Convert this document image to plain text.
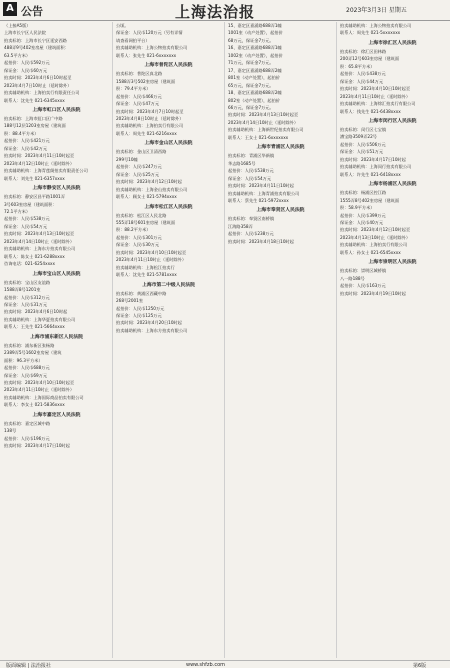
A 6 公告	上海法治报	2023年3月3日 星期五
（上接A5版）
上海市长宁区人民法院
拍卖标的：上海市长宁区延安西路
488弄9号402室房屋（建筑面积：
63.5平方米）
起拍价：人民币592万元
保证金：人民币60万元
拍卖时间：2023年4月6日10时起至
2023年4月7日10时止（延时除外）
拍卖辅助机构：上海拍卖行有限责任公司
联系人：沈先生 021-6345xxxx
上海市虹口区人民法院
拍卖标的：上海市虹口区广中路
188号12层1203室房屋（建筑面
积：88.4平方米）
起拍价：人民币421万元
保证金：人民币42万元
拍卖时间：2023年4月11日10时起至
2023年4月12日10时止（延时除外）
拍卖辅助机构：上海青莲阁拍卖有限责任公司
联系人：刘先生 021-6357xxxx
上海市静安区人民法院
拍卖标的：静安区昌平路1001弄
3号603室房屋（建筑面积：
72.1平方米）
起拍价：人民币538万元
保证金：人民币54万元
拍卖时间：2023年4月13日10时起至
2023年4月14日10时止（延时除外）
拍卖辅助机构：上海东方拍卖有限公司
联系人：陈女士 021-6288xxxx
咨询电话：021-6254xxxx
上海市宝山区人民法院
拍卖标的：宝山区友谊路
1588弄8号1201室
起拍价：人民币312万元
保证金：人民币31万元
拍卖时间：2023年4月6日10时起
拍卖辅助机构：上海华夏拍卖有限公司
联系人：王先生 021-5664xxxx
上海市浦东新区人民法院
拍卖标的：浦东新区张杨路
2389弄5号1602室房屋（建筑
面积：96.3平方米）
起拍价：人民币688万元
保证金：人民币69万元
拍卖时间：2023年4月10日10时起至
2023年4月11日10时止（延时除外）
拍卖辅助机构：上海国际商品拍卖有限公司
联系人：李女士 021-5836xxxx
上海市嘉定区人民法院
拍卖标的：嘉定区城中路
138号
起拍价：人民币196万元
拍卖时间：2023年4月17日10时起
公顷。
保证金：人民币120万元（另有详情
请查看网拍平台）
拍卖辅助机构：上海公物拍卖有限公司
联系人：张先生 021-6xxxxxxx
上海市普陀区人民法院
拍卖标的：普陀区真北路
1588弄3号502室房屋（建筑面
积：79.4平方米）
起拍价：人民币466万元
保证金：人民币47万元
拍卖时间：2023年4月7日10时起至
2023年4月8日10时止（延时除外）
拍卖辅助机构：上海拍卖行有限公司
联系人：周先生 021-6216xxxx
上海市金山区人民法院
拍卖标的：金山区卫清西路
299号10幢
起拍价：人民币247万元
保证金：人民币25万元
拍卖时间：2023年4月12日10时起
拍卖辅助机构：上海金山拍卖有限公司
联系人：顾女士 021-5794xxxx
上海市松江区人民法院
拍卖标的：松江区人民北路
555弄18号601室房屋（建筑面
积：88.2平方米）
起拍价：人民币301万元
保证金：人民币30万元
拍卖时间：2023年4月10日10时起至
2023年4月11日10时止（延时除外）
拍卖辅助机构：上海松江拍卖行
联系人：沈先生 021-5781xxxx
上海市第二中级人民法院
拍卖标的：黄浦区西藏中路
268号2001室
起拍价：人民币1250万元
保证金：人民币125万元
拍卖时间：2023年4月20日10时起
拍卖辅助机构：上海东方拍卖有限公司
15、嘉定区嘉涌路688弄1幢
1001室（动产处置），起拍价
68万元，保证金7万元。
16、嘉定区嘉涌路688弄1幢
1002室（动产处置），起拍价
71万元，保证金7万元。
17、嘉定区嘉涌路688弄2幢
801室（动产处置），起拍价
65万元，保证金7万元。
18、嘉定区嘉涌路688弄2幢
802室（动产处置），起拍价
66万元，保证金7万元。
拍卖时间：2023年4月13日10时起至
2023年4月14日10时止（延时除外）
拍卖辅助机构：上海新世纪拍卖有限公司
联系人：王女士 021-6xxxxxxx
上海市青浦区人民法院
拍卖标的：青浦区华新镇
华志路1685号
起拍价：人民币538万元
保证金：人民币54万元
拍卖时间：2023年4月11日10时起
拍卖辅助机构：上海青浦拍卖有限公司
联系人：蔡先生 021-5972xxxx
上海市奉贤区人民法院
拍卖标的：奉贤区南桥镇
江海路358弄
起拍价：人民币238万元
拍卖时间：2023年4月18日10时起
拍卖辅助机构：上海公物拍卖有限公司
联系人：周先生 021-5xxxxxxx
上海市徐汇区人民法院
拍卖标的：徐汇区田林路
200弄12号603室房屋（建筑面
积：65.8平方米）
起拍价：人民币438万元
保证金：人民币44万元
拍卖时间：2023年4月10日10时起至
2023年4月11日10时止（延时除外）
拍卖辅助机构：上海徐汇拍卖行有限公司
联系人：钱先生 021-6438xxxx
上海市闵行区人民法院
拍卖标的：闵行区七宝镇
漕宝路3509弄22号
起拍价：人民币506万元
保证金：人民币51万元
拍卖时间：2023年4月17日10时起
拍卖辅助机构：上海闵行拍卖有限公司
联系人：许先生 021-6418xxxx
上海市杨浦区人民法院
拍卖标的：杨浦区控江路
1555弄8号402室房屋（建筑面
积：58.9平方米）
起拍价：人民币399万元
保证金：人民币40万元
拍卖时间：2023年4月12日10时起至
2023年4月13日10时止（延时除外）
拍卖辅助机构：上海拍卖行有限公司
联系人：孙女士 021-6545xxxx
上海市崇明区人民法院
拍卖标的：崇明区城桥镇
八一路188号
起拍价：人民币163万元
拍卖时间：2023年4月19日10时起
版面编辑 | 法治报社	www.shfzb.com	第6版
